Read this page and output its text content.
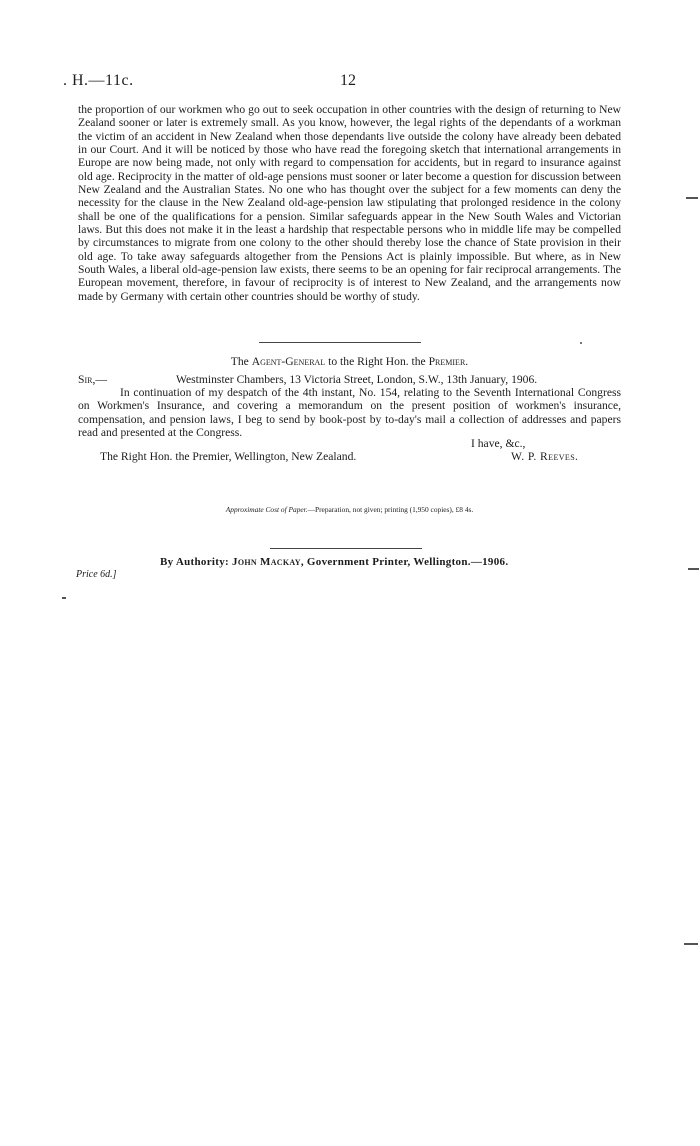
. H.—11c.	12

the proportion of our workmen who go out to seek occupation in other countries with the design of returning to New Zealand sooner or later is extremely small. As you know, however, the legal rights of the dependants of a workman the victim of an accident in New Zealand when those dependants live outside the colony have already been debated in our Court. And it will be noticed by those who have read the foregoing sketch that international arrangements in Europe are now being made, not only with regard to compensation for accidents, but in regard to insurance against old age. Reciprocity in the matter of old-age pensions must sooner or later become a question for discussion between New Zealand and the Australian States. No one who has thought over the subject for a few moments can deny the necessity for the clause in the New Zealand old-age-pension law stipulating that prolonged residence in the colony shall be one of the qualifications for a pension. Similar safeguards appear in the New South Wales and Victorian laws. But this does not make it in the least a hardship that respectable persons who in middle life may be compelled by circumstances to migrate from one colony to the other should thereby lose the chance of State provision in their old age. To take away safeguards altogether from the Pensions Act is plainly impossible. But where, as in New South Wales, a liberal old-age-pension law exists, there seems to be an opening for fair reciprocal arrangements. The European movement, therefore, in favour of reciprocity is of interest to New Zealand, and the arrangements now made by Germany with certain other countries should be worthy of study.

The Agent-General to the Right Hon. the Premier.
Sir,—	Westminster Chambers, 13 Victoria Street, London, S.W., 13th January, 1906.

In continuation of my despatch of the 4th instant, No. 154, relating to the Seventh International Congress on Workmen's Insurance, and covering a memorandum on the present position of workmen's insurance, compensation, and pension laws, I beg to send by book-post by to-day's mail a collection of addresses and papers read and presented at the Congress.

I have, &c.,
The Right Hon. the Premier, Wellington, New Zealand.	W. P. Reeves.
Approximate Cost of Paper.—Preparation, not given; printing (1,950 copies), £8 4s.
By Authority: John Mackay, Government Printer, Wellington.—1906.
Price 6d.]
